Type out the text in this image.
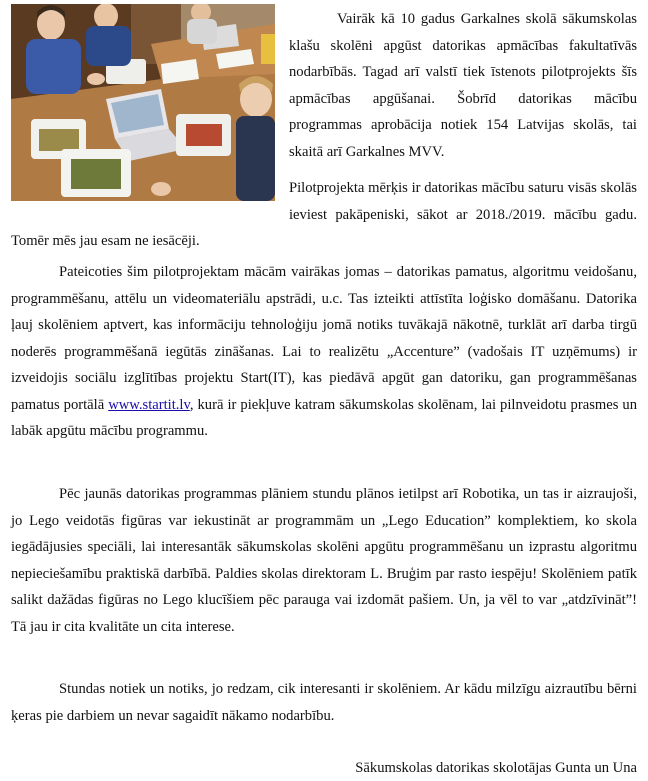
Vairāk kā 10 gadus Garkalnes skolā sākumskolas klašu skolēni apgūst datorikas apmācības fakultatīvās nodarbībās. Tagad arī valstī tiek īstenots pilotprojekts šīs apmācības apgūšanai. Šobrīd datorikas mācību programmas aprobācija notiek 154 Latvijas skolās, tai skaitā arī Garkalnes MVV.

Pilotprojekta mērķis ir datorikas mācību saturu visās skolās ieviest pakāpeniski, sākot ar 2018./2019. mācību gadu. Tomēr mēs jau esam ne iesācēji.

Pateicoties šim pilotprojektam mācām vairākas jomas – datorikas pamatus, algoritmu veidošanu, programmēšanu, attēlu un videomateriālu apstrādi, u.c. Tas izteikti attīstīta loģisko domāšanu. Datorika ļauj skolēniem aptvert, kas informāciju tehnoloģiju jomā notiks tuvākajā nākotnē, turklāt arī darba tirgū noderēs programmēšanā iegūtās zināšanas. Lai to realizētu „Accenture” (vadošais IT uzņēmums) ir izveidojis sociālu izglītības projektu Start(IT), kas piedāvā apgūt gan datoriku, gan programmēšanas pamatus portālā www.startit.lv, kurā ir piekļuve katram sākumskolas skolēnam, lai pilnveidotu prasmes un labāk apgūtu mācību programmu.

Pēc jaunās datorikas programmas plāniem stundu plānos ietilpst arī Robotika, un tas ir aizraujoši, jo Lego veidotās figūras var iekustināt ar programmām un „Lego Education” komplektiem, ko skola iegādājusies speciāli, lai interesantāk sākumskolas skolēni apgūtu programmēšanu un izprastu algoritmu nepieciešamību praktiskā darbībā. Paldies skolas direktoram L. Bruģim par rasto iespēju! Skolēniem patīk salikt dažādas figūras no Lego klucīšiem pēc parauga vai izdomāt pašiem. Un, ja vēl to var „atdzīvināt”! Tā jau ir cita kvalitāte un cita interese.

Stundas notiek un notiks, jo redzam, cik interesanti ir skolēniem. Ar kādu milzīgu aizrautību bērni ķeras pie darbiem un nevar sagaidīt nākamo nodarbību.

Sākumskolas datorikas skolotājas Gunta un Una
